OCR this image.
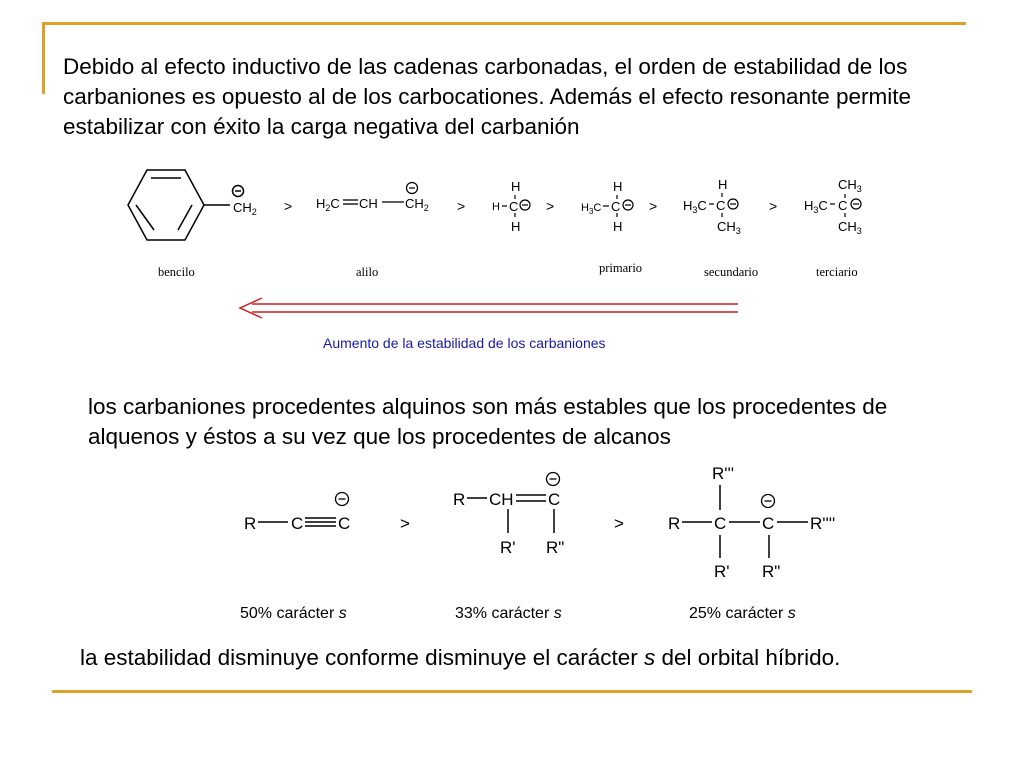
Debido al efecto inductivo de las cadenas carbonadas, el orden de estabilidad de los carbaniones es opuesto al de los carbocationes. Además el efecto resonante permite estabilizar con éxito la carga negativa del carbanión

los carbaniones procedentes alquinos son más estables que los procedentes de alquenos y éstos a su vez que los procedentes de alcanos

la estabilidad disminuye conforme disminuye el carácter s del orbital híbrido.

$CH_2 > H_2C$ CH $CH_2$ >
H
H C
H
>
H
$H_3C$ C
H
>
H
$H_3C$ C
$CH_3$
>
$CH_3$
$H_3C$ C
$CH_3$
bencilo	alilo	primario	secundario	terciario
Aumento de la estabilidad de los carbaniones
R C C	>
R CH C
R' R"
>
R'''
R C C R''''
R' R"
50% carácter s	33% carácter s	25% carácter s
